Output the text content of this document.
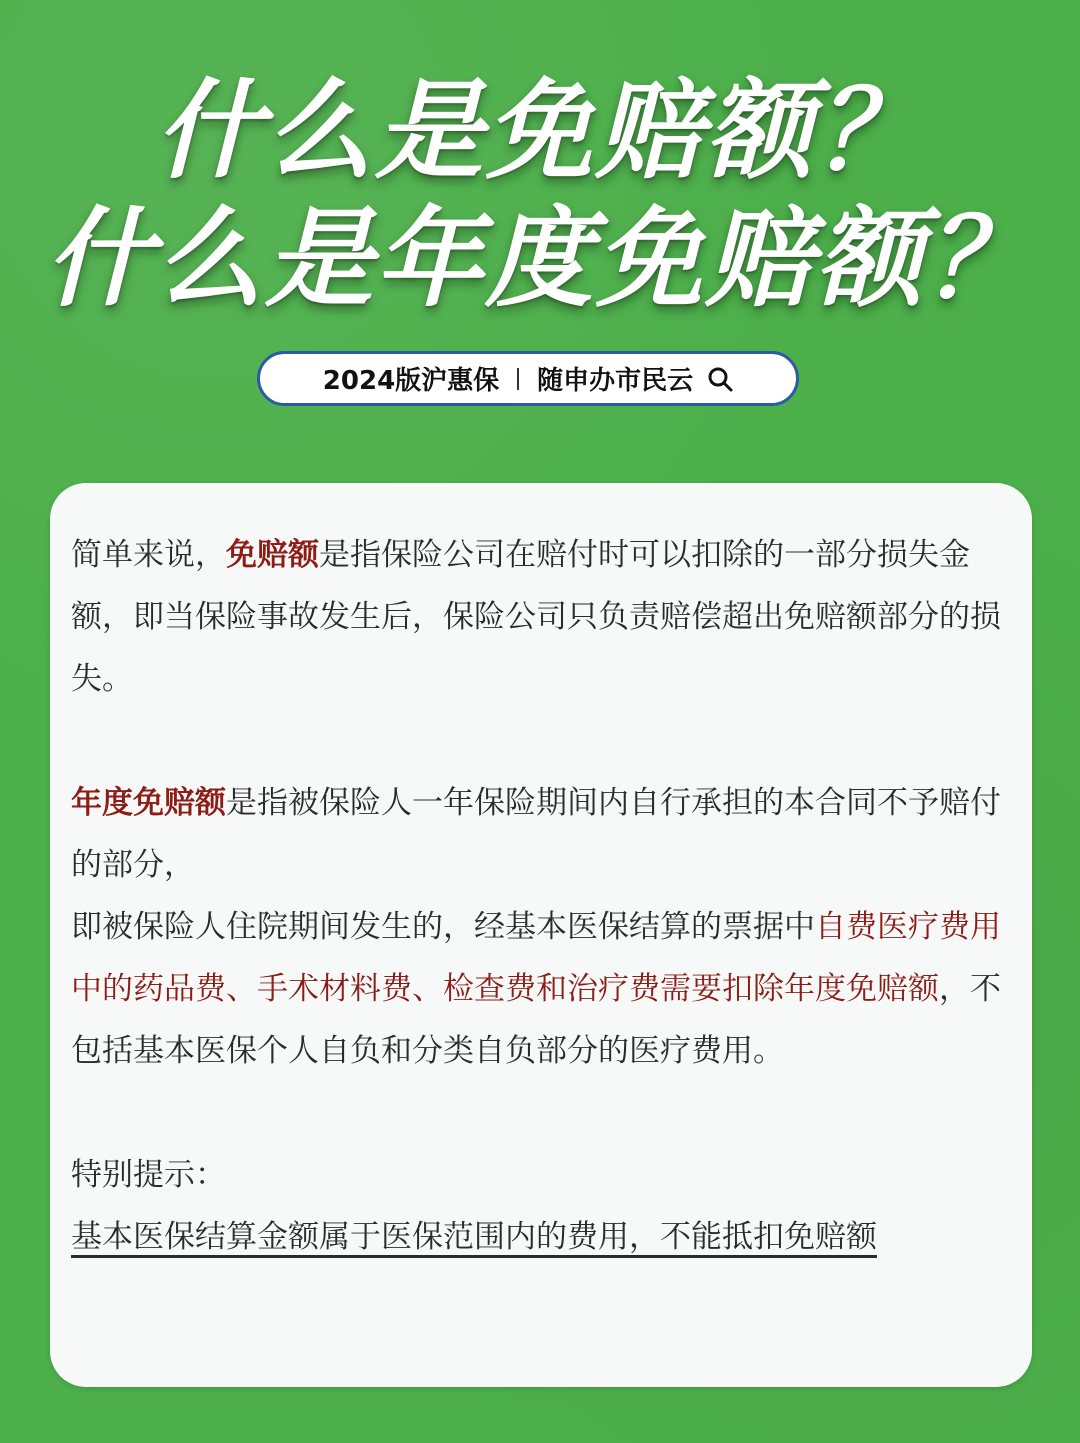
什么是免赔额？
什么是年度免赔额？
2024版沪惠保 随申办市民云

简单来说，免赔额是指保险公司在赔付时可以扣除的一部分损失金额，即当保险事故发生后，保险公司只负责赔偿超出免赔额部分的损失。

年度免赔额是指被保险人一年保险期间内自行承担的本合同不予赔付的部分，

即被保险人住院期间发生的，经基本医保结算的票据中自费医疗费用中的药品费、手术材料费、检查费和治疗费需要扣除年度免赔额，不包括基本医保个人自负和分类自负部分的医疗费用。

特别提示：

基本医保结算金额属于医保范围内的费用，不能抵扣免赔额
